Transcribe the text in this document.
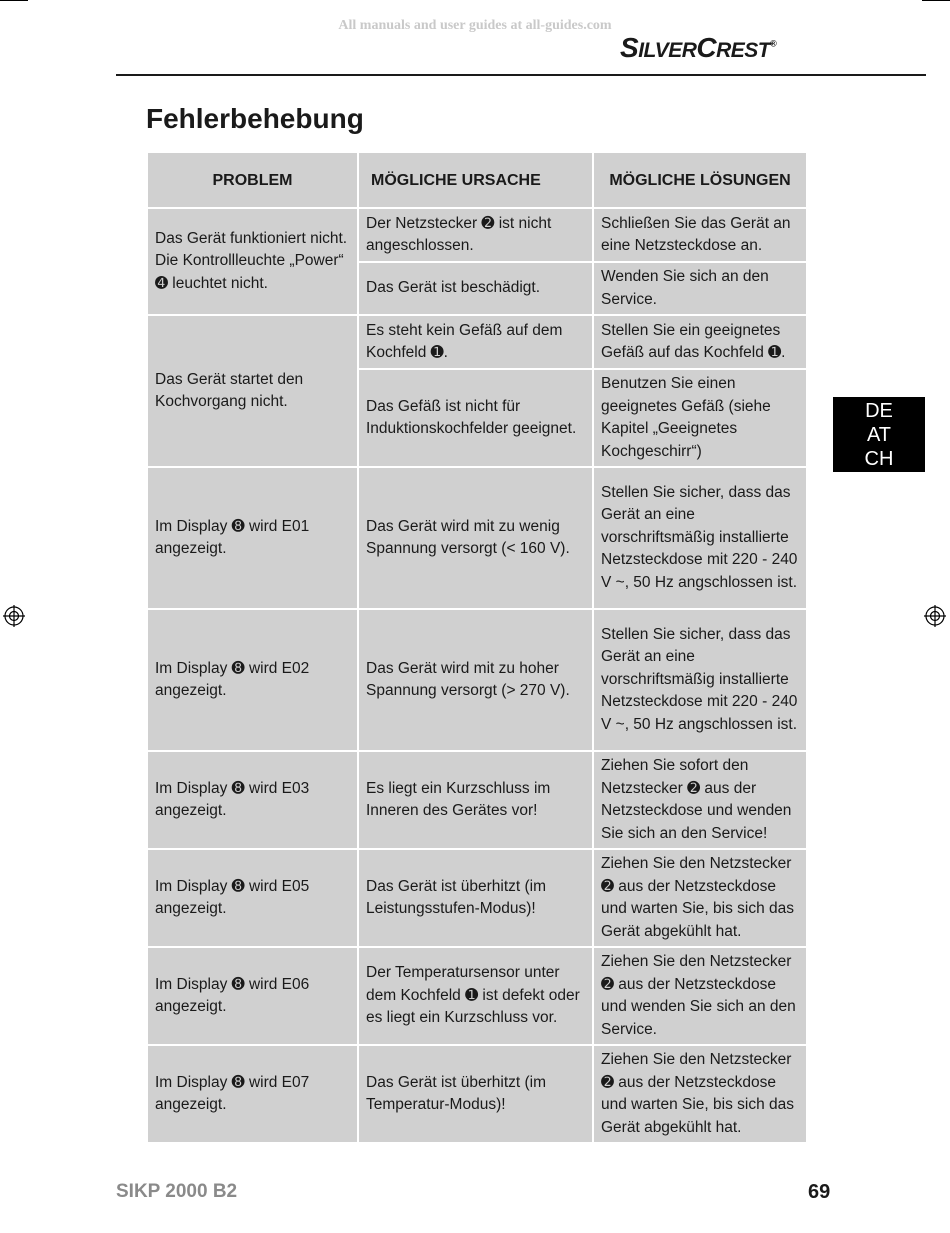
All manuals and user guides at all-guides.com
SILVERCREST®
Fehlerbehebung
DE
AT
CH
PROBLEM	MÖGLICHE URSACHE	MÖGLICHE LÖSUNGEN
Das Gerät funktioniert nicht. Die Kontrollleuchte „Power“ ➍ leuchtet nicht.	Der Netzstecker ➋ ist nicht angeschlossen.	Schließen Sie das Gerät an eine Netzsteckdose an.
	Das Gerät ist beschädigt.	Wenden Sie sich an den Service.
Das Gerät startet den Kochvorgang nicht.	Es steht kein Gefäß auf dem Kochfeld ➊.	Stellen Sie ein geeignetes Gefäß auf das Kochfeld ➊.
	Das Gefäß ist nicht für Induktionskochfelder geeignet.	Benutzen Sie einen geeignetes Gefäß (siehe Kapitel „Geeignetes Kochgeschirr“)
Im Display ➑ wird E01 angezeigt.	Das Gerät wird mit zu wenig Spannung versorgt (< 160 V).	Stellen Sie sicher, dass das Gerät an eine vorschriftsmäßig installierte Netzsteckdose mit 220 - 240 V ~, 50 Hz angschlossen ist.
Im Display ➑ wird E02 angezeigt.	Das Gerät wird mit zu hoher Spannung versorgt (> 270 V).	Stellen Sie sicher, dass das Gerät an eine vorschriftsmäßig installierte Netzsteckdose mit 220 - 240 V ~, 50 Hz angschlossen ist.
Im Display ➑ wird E03 angezeigt.	Es liegt ein Kurzschluss im Inneren des Gerätes vor!	Ziehen Sie sofort den Netzstecker ➋ aus der Netzsteckdose und wenden Sie sich an den Service!
Im Display ➑ wird E05 angezeigt.	Das Gerät ist überhitzt (im Leistungsstufen-Modus)!	Ziehen Sie den Netzstecker ➋ aus der Netzsteckdose und warten Sie, bis sich das Gerät abgekühlt hat.
Im Display ➑ wird E06 angezeigt.	Der Temperatursensor unter dem Kochfeld ➊ ist defekt oder es liegt ein Kurzschluss vor.	Ziehen Sie den Netzstecker ➋ aus der Netzsteckdose und wenden Sie sich an den Service.
Im Display ➑ wird E07 angezeigt.	Das Gerät ist überhitzt (im Temperatur-Modus)!	Ziehen Sie den Netzstecker ➋ aus der Netzsteckdose und warten Sie, bis sich das Gerät abgekühlt hat.
SIKP 2000 B2	69
